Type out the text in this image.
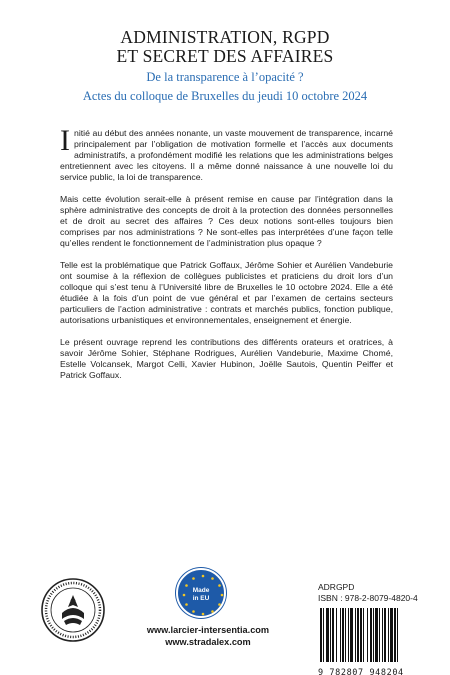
ADMINISTRATION, RGPD
ET SECRET DES AFFAIRES
De la transparence à l’opacité ?
Actes du colloque de Bruxelles du jeudi 10 octobre 2024

Initié au début des années nonante, un vaste mouvement de transparence, incarné principalement par l’obligation de motivation formelle et l’accès aux documents administratifs, a profondément modifié les relations que les administrations belges entretiennent avec les citoyens. Il a même donné naissance à une nouvelle loi du service public, la loi de transparence.

Mais cette évolution serait-elle à présent remise en cause par l’intégration dans la sphère administrative des concepts de droit à la protection des données personnelles et de droit au secret des affaires ? Ces deux notions sont-elles toujours bien comprises par nos administrations ? Ne sont-elles pas interprétées d’une façon telle qu’elles rendent le fonctionnement de l’administration plus opaque ?

Telle est la problématique que Patrick Goffaux, Jérôme Sohier et Aurélien Vandeburie ont soumise à la réflexion de collègues publicistes et praticiens du droit lors d’un colloque qui s’est tenu à l’Université libre de Bruxelles le 10 octobre 2024. Elle a été étudiée à la fois d’un point de vue général et par l’examen de certains secteurs particuliers de l’action administrative : contrats et marchés publics, fonction publique, autorisations urbanistiques et environnementales, enseignement et énergie.

Le présent ouvrage reprend les contributions des différents orateurs et oratrices, à savoir Jérôme Sohier, Stéphane Rodrigues, Aurélien Vandeburie, Maxime Chomé, Estelle Volcansek, Margot Celli, Xavier Hubinon, Joëlle Sautois, Quentin Peiffer et Patrick Goffaux.

Made
in EU
www.larcier-intersentia.com
www.stradalex.com
ADRGPD
ISBN : 978-2-8079-4820-4
9 782807 948204
